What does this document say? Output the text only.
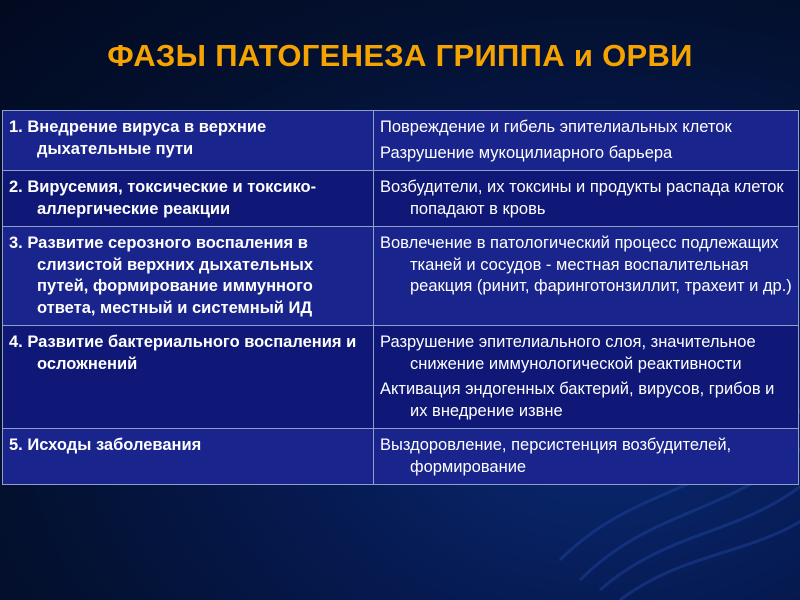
ФАЗЫ ПАТОГЕНЕЗА ГРИППА и ОРВИ
1. Внедрение вируса в верхние дыхательные пути	Повреждение и гибель эпителиальных клеток
Разрушение мукоцилиарного барьера

2. Вирусемия, токсические и токсико-аллергические реакции	Возбудители, их токсины и продукты распада клеток попадают в кровь

3. Развитие серозного воспаления в слизистой верхних дыхательных путей, формирование иммунного ответа, местный и системный ИД	Вовлечение в патологический процесс подлежащих тканей и сосудов - местная воспалительная реакция (ринит, фаринготонзиллит, трахеит и др.)

4. Развитие бактериального воспаления и осложнений	Разрушение эпителиального слоя, значительное снижение иммунологической реактивности
Активация эндогенных бактерий, вирусов, грибов и их внедрение извне

5. Исходы заболевания	Выздоровление, персистенция возбудителей, формирование
